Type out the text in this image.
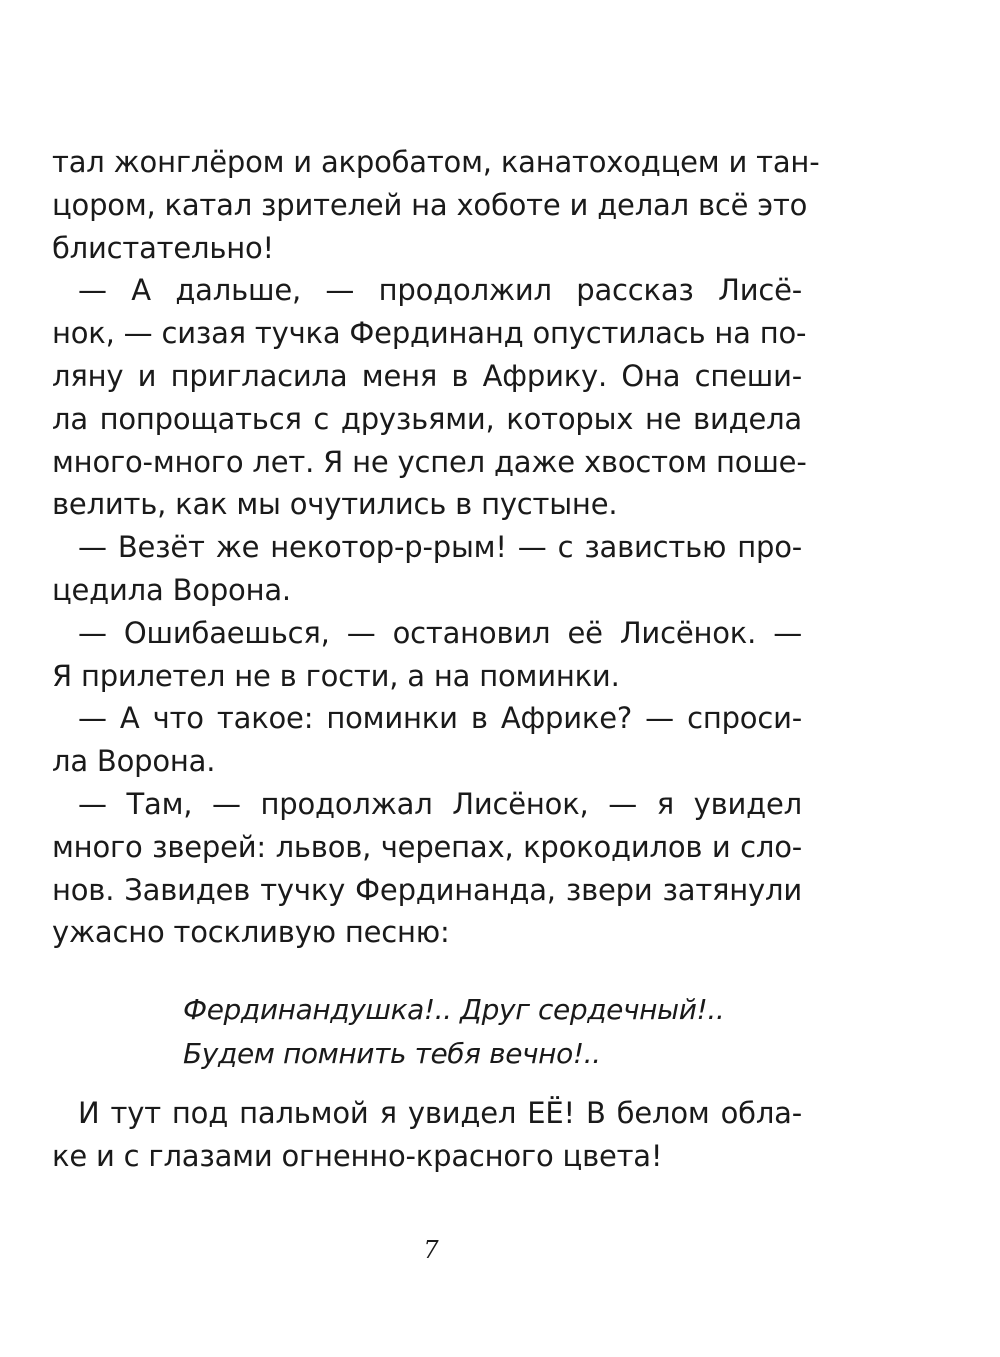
тал жонглёром и акробатом, канатоходцем и тан-
цором, катал зрителей на хоботе и делал всё это
блистательно!
— А дальше, — продолжил рассказ Лисё-
нок, — сизая тучка Фердинанд опустилась на по-
ляну и пригласила меня в Африку. Она спеши-
ла попрощаться с друзьями, которых не видела
много-много лет. Я не успел даже хвостом поше-
велить, как мы очутились в пустыне.
— Везёт же некотор-р-рым! — с завистью про-
цедила Ворона.
— Ошибаешься, — остановил её Лисёнок. —
Я прилетел не в гости, а на поминки.
— А что такое: поминки в Африке? — спроси-
ла Ворона.
— Там, — продолжал Лисёнок, — я увидел
много зверей: львов, черепах, крокодилов и сло-
нов. Завидев тучку Фердинанда, звери затянули
ужасно тоскливую песню:
Фердинандушка!.. Друг сердечный!..
Будем помнить тебя вечно!..
И тут под пальмой я увидел ЕЁ! В белом обла-
ке и с глазами огненно-красного цвета!
7
